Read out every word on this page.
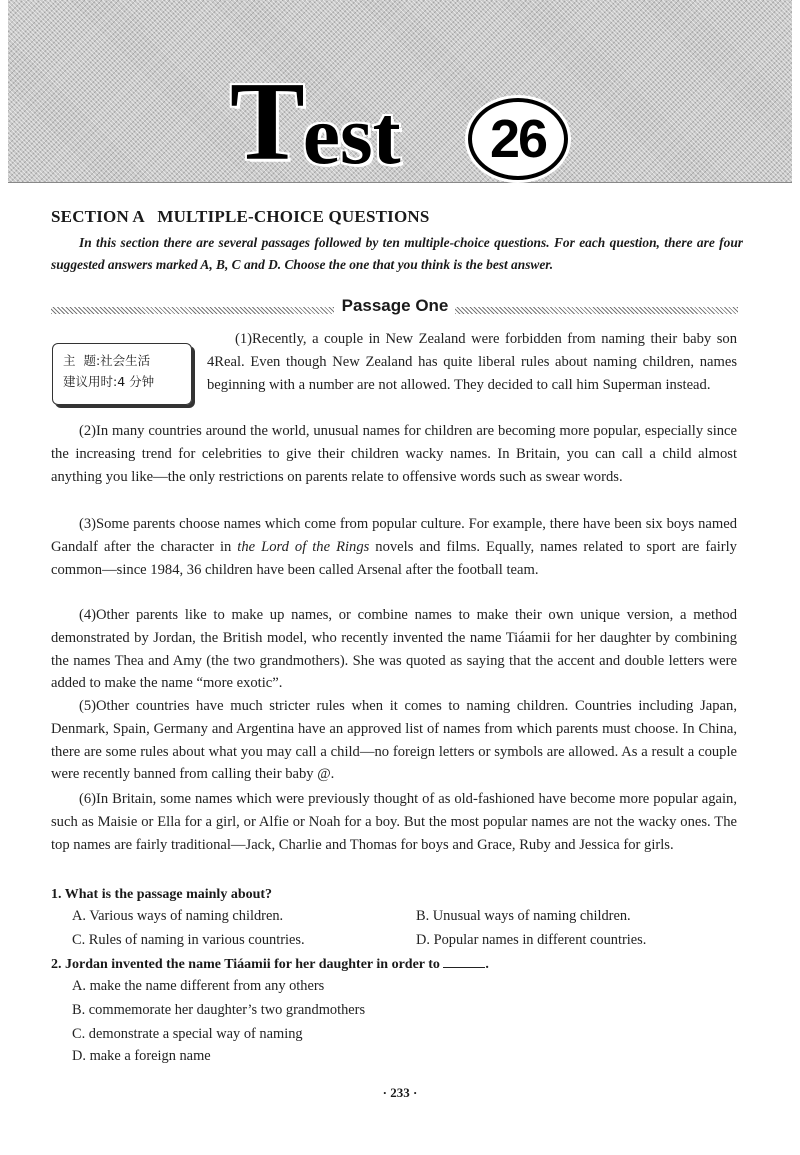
T est	26
SECTION A   MULTIPLE-CHOICE QUESTIONS
In this section there are several passages followed by ten multiple-choice questions. For each question, there are four suggested answers marked A, B, C and D. Choose the one that you think is the best answer.
Passage One
主  题:社会生活
建议用时:4 分钟
(1)Recently, a couple in New Zealand were forbidden from naming their baby son 4Real. Even though New Zealand has quite liberal rules about naming children, names beginning with a number are not allowed. They decided to call him Superman instead.
(2)In many countries around the world, unusual names for children are becoming more popular, especially since the increasing trend for celebrities to give their children wacky names. In Britain, you can call a child almost anything you like—the only restrictions on parents relate to offensive words such as swear words.
(3)Some parents choose names which come from popular culture. For example, there have been six boys named Gandalf after the character in the Lord of the Rings novels and films. Equally, names related to sport are fairly common—since 1984, 36 children have been called Arsenal after the football team.
(4)Other parents like to make up names, or combine names to make their own unique version, a method demonstrated by Jordan, the British model, who recently invented the name Tiáamii for her daughter by combining the names Thea and Amy (the two grandmothers). She was quoted as saying that the accent and double letters were added to make the name “more exotic”.
(5)Other countries have much stricter rules when it comes to naming children. Countries including Japan, Denmark, Spain, Germany and Argentina have an approved list of names from which parents must choose. In China, there are some rules about what you may call a child—no foreign letters or symbols are allowed. As a result a couple were recently banned from calling their baby @.
(6)In Britain, some names which were previously thought of as old-fashioned have become more popular again, such as Maisie or Ella for a girl, or Alfie or Noah for a boy. But the most popular names are not the wacky ones. The top names are fairly traditional—Jack, Charlie and Thomas for boys and Grace, Ruby and Jessica for girls.
1. What is the passage mainly about?
A. Various ways of naming children.	B. Unusual ways of naming children.
C. Rules of naming in various countries.	D. Popular names in different countries.
2. Jordan invented the name Tiáamii for her daughter in order to	.
A. make the name different from any others
B. commemorate her daughter’s two grandmothers
C. demonstrate a special way of naming
D. make a foreign name
· 233 ·
